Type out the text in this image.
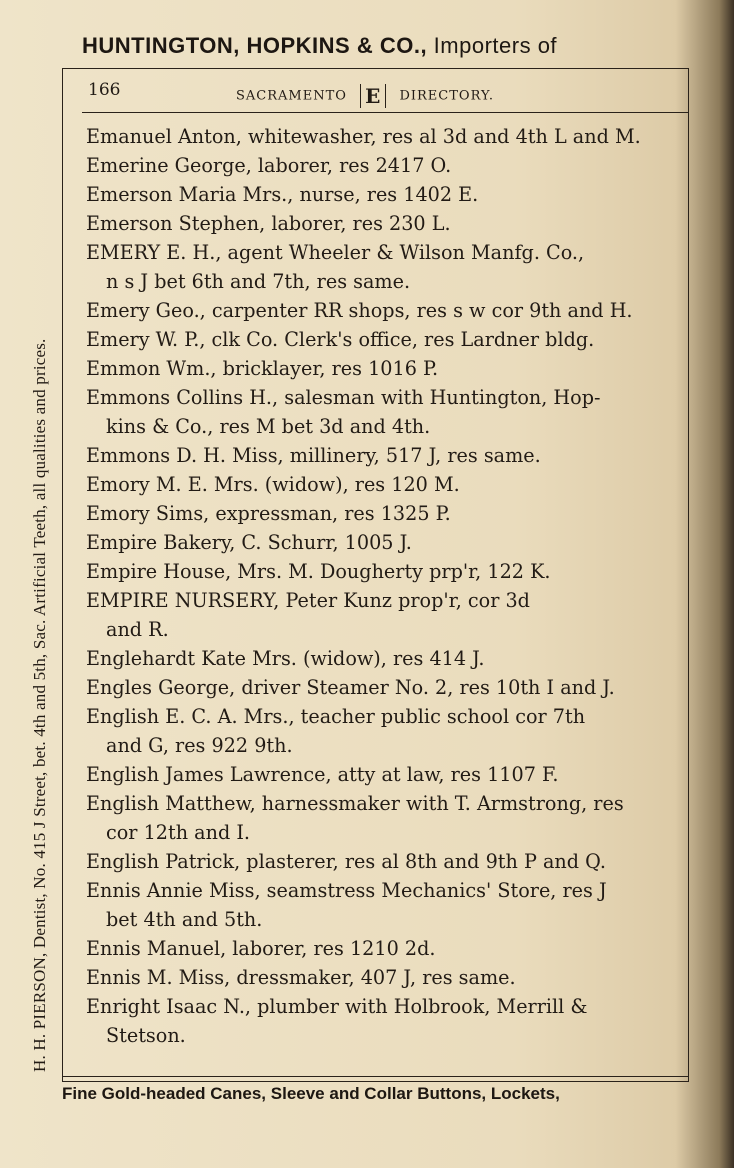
HUNTINGTON, HOPKINS & CO., Importers of
H. H. PIERSON, Dentist, No. 415 J Street, bet. 4th and 5th, Sac. Artificial Teeth, all qualities and prices.
166	SACRAMENTO E DIRECTORY.

Emanuel Anton, whitewasher, res al 3d and 4th L and M.

Emerine George, laborer, res 2417 O.

Emerson Maria Mrs., nurse, res 1402 E.

Emerson Stephen, laborer, res 230 L.

EMERY E. H., agent Wheeler & Wilson Manfg. Co.,
n s J bet 6th and 7th, res same.

Emery Geo., carpenter RR shops, res s w cor 9th and H.

Emery W. P., clk Co. Clerk's office, res Lardner bldg.

Emmon Wm., bricklayer, res 1016 P.

Emmons Collins H., salesman with Huntington, Hop-
kins & Co., res M bet 3d and 4th.

Emmons D. H. Miss, millinery, 517 J, res same.

Emory M. E. Mrs. (widow), res 120 M.

Emory Sims, expressman, res 1325 P.

Empire Bakery, C. Schurr, 1005 J.

Empire House, Mrs. M. Dougherty prp'r, 122 K.

EMPIRE NURSERY, Peter Kunz prop'r, cor 3d
and R.

Englehardt Kate Mrs. (widow), res 414 J.

Engles George, driver Steamer No. 2, res 10th I and J.

English E. C. A. Mrs., teacher public school cor 7th
and G, res 922 9th.

English James Lawrence, atty at law, res 1107 F.

English Matthew, harnessmaker with T. Armstrong, res
cor 12th and I.

English Patrick, plasterer, res al 8th and 9th P and Q.

Ennis Annie Miss, seamstress Mechanics' Store, res J
bet 4th and 5th.

Ennis Manuel, laborer, res 1210 2d.

Ennis M. Miss, dressmaker, 407 J, res same.

Enright Isaac N., plumber with Holbrook, Merrill &
Stetson.

Fine Gold-headed Canes, Sleeve and Collar Buttons, Lockets,
